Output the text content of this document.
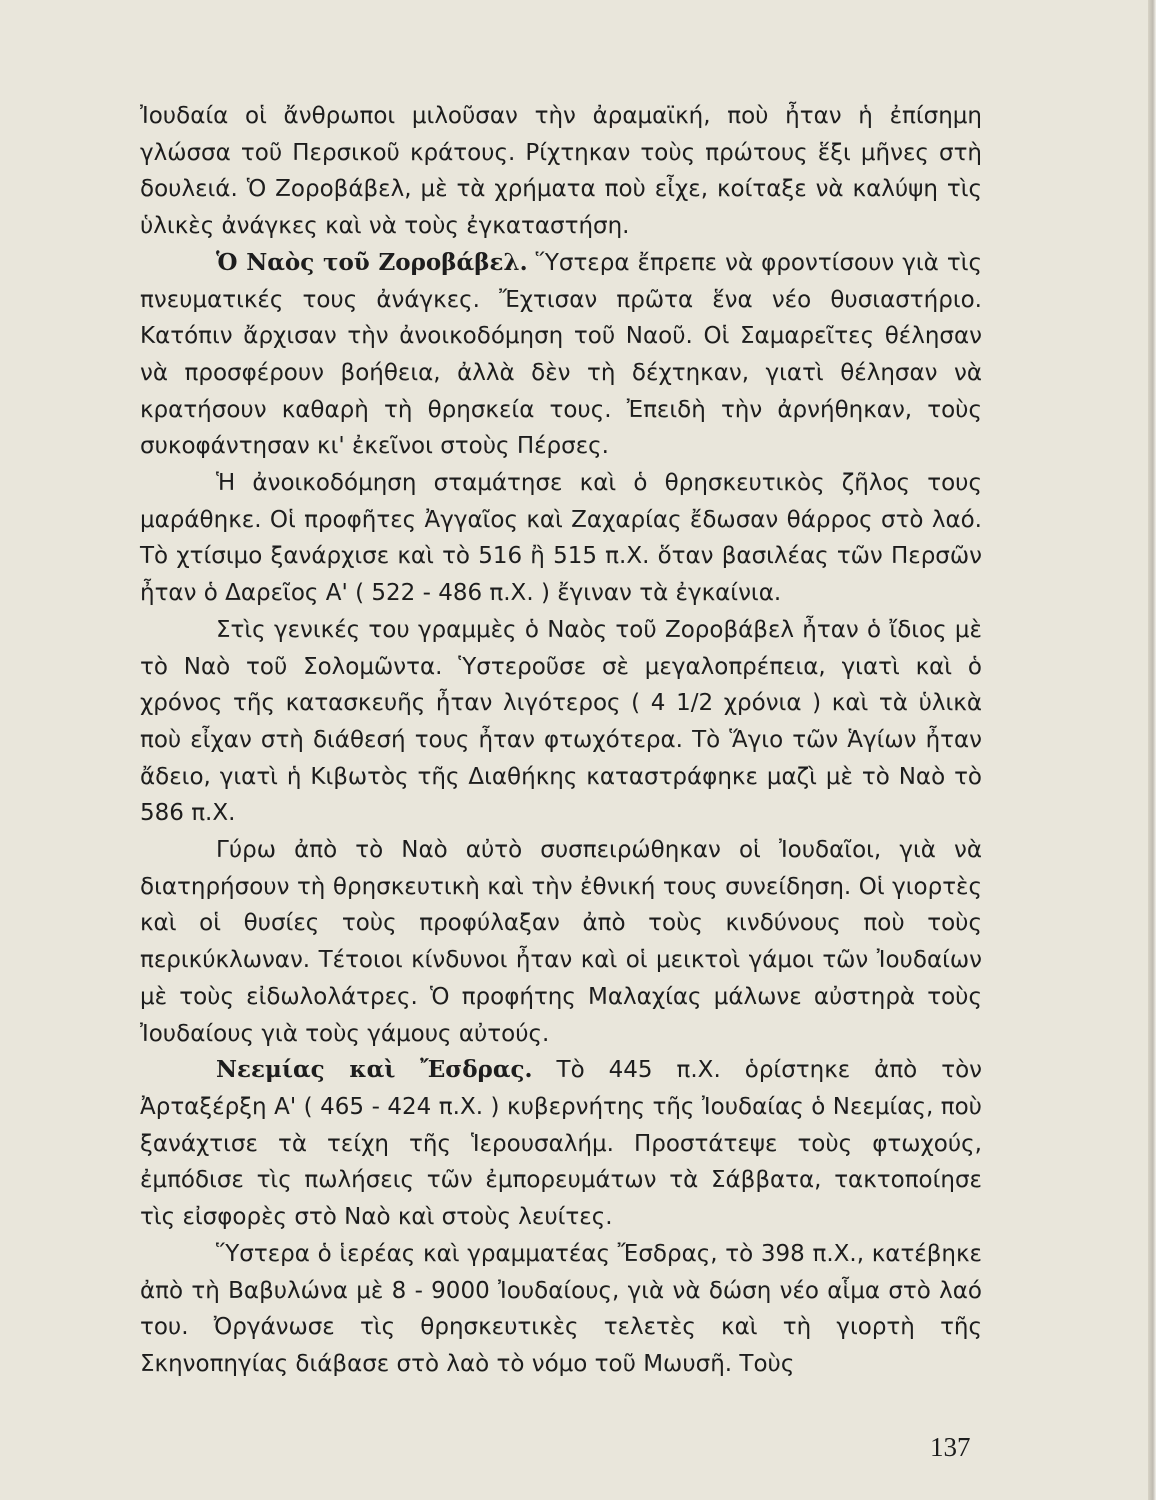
Ἰουδαία οἱ ἄνθρωποι μιλοῦσαν τὴν ἀραμαϊκή, ποὺ ἦταν ἡ ἐπίσημη γλώσσα τοῦ Περσικοῦ κράτους. Ρίχτηκαν τοὺς πρώτους ἕξι μῆνες στὴ δουλειά. Ὁ Ζοροβάβελ, μὲ τὰ χρήματα ποὺ εἶχε, κοίταξε νὰ καλύψη τὶς ὑλικὲς ἀνάγκες καὶ νὰ τοὺς ἐγκαταστήση.

Ὁ Ναὸς τοῦ Ζοροβάβελ. Ὕστερα ἔπρεπε νὰ φροντίσουν γιὰ τὶς πνευματικές τους ἀνάγκες. Ἔχτισαν πρῶτα ἕνα νέο θυσιαστήριο. Κατόπιν ἄρχισαν τὴν ἀνοικοδόμηση τοῦ Ναοῦ. Οἱ Σαμαρεῖτες θέλησαν νὰ προσφέρουν βοήθεια, ἀλλὰ δὲν τὴ δέχτηκαν, γιατὶ θέλησαν νὰ κρατήσουν καθαρὴ τὴ θρησκεία τους. Ἐπειδὴ τὴν ἀρνήθηκαν, τοὺς συκοφάντησαν κι' ἐκεῖνοι στοὺς Πέρσες.

Ἡ ἀνοικοδόμηση σταμάτησε καὶ ὁ θρησκευτικὸς ζῆλος τους μαράθηκε. Οἱ προφῆτες Ἀγγαῖος καὶ Ζαχαρίας ἔδωσαν θάρρος στὸ λαό. Τὸ χτίσιμο ξανάρχισε καὶ τὸ 516 ἢ 515 π.Χ. ὅταν βασιλέας τῶν Περσῶν ἦταν ὁ Δαρεῖος Α' ( 522 - 486 π.Χ. ) ἔγιναν τὰ ἐγκαίνια.

Στὶς γενικές του γραμμὲς ὁ Ναὸς τοῦ Ζοροβάβελ ἦταν ὁ ἴδιος μὲ τὸ Ναὸ τοῦ Σολομῶντα. Ὑστεροῦσε σὲ μεγαλοπρέπεια, γιατὶ καὶ ὁ χρόνος τῆς κατασκευῆς ἦταν λιγότερος ( 4 1/2 χρόνια ) καὶ τὰ ὑλικὰ ποὺ εἶχαν στὴ διάθεσή τους ἦταν φτωχότερα. Τὸ Ἅγιο τῶν Ἁγίων ἦταν ἄδειο, γιατὶ ἡ Κιβωτὸς τῆς Διαθήκης καταστράφηκε μαζὶ μὲ τὸ Ναὸ τὸ 586 π.Χ.

Γύρω ἀπὸ τὸ Ναὸ αὐτὸ συσπειρώθηκαν οἱ Ἰουδαῖοι, γιὰ νὰ διατηρήσουν τὴ θρησκευτικὴ καὶ τὴν ἐθνική τους συνείδηση. Οἱ γιορτὲς καὶ οἱ θυσίες τοὺς προφύλαξαν ἀπὸ τοὺς κινδύνους ποὺ τοὺς περικύκλωναν. Τέτοιοι κίνδυνοι ἦταν καὶ οἱ μεικτοὶ γάμοι τῶν Ἰουδαίων μὲ τοὺς εἰδωλολάτρες. Ὁ προφήτης Μαλαχίας μάλωνε αὐστηρὰ τοὺς Ἰουδαίους γιὰ τοὺς γάμους αὐτούς.

Νεεμίας καὶ Ἔσδρας. Τὸ 445 π.Χ. ὁρίστηκε ἀπὸ τὸν Ἀρταξέρξη Α' ( 465 - 424 π.Χ. ) κυβερνήτης τῆς Ἰουδαίας ὁ Νεεμίας, ποὺ ξανάχτισε τὰ τείχη τῆς Ἱερουσαλήμ. Προστάτεψε τοὺς φτωχούς, ἐμπόδισε τὶς πωλήσεις τῶν ἐμπορευμάτων τὰ Σάββατα, τακτοποίησε τὶς εἰσφορὲς στὸ Ναὸ καὶ στοὺς λευίτες.

Ὕστερα ὁ ἱερέας καὶ γραμματέας Ἔσδρας, τὸ 398 π.Χ., κατέβηκε ἀπὸ τὴ Βαβυλώνα μὲ 8 - 9000 Ἰουδαίους, γιὰ νὰ δώση νέο αἷμα στὸ λαό του. Ὀργάνωσε τὶς θρησκευτικὲς τελετὲς καὶ τὴ γιορτὴ τῆς Σκηνοπηγίας διάβασε στὸ λαὸ τὸ νόμο τοῦ Μωυσῆ. Τοὺς

137
